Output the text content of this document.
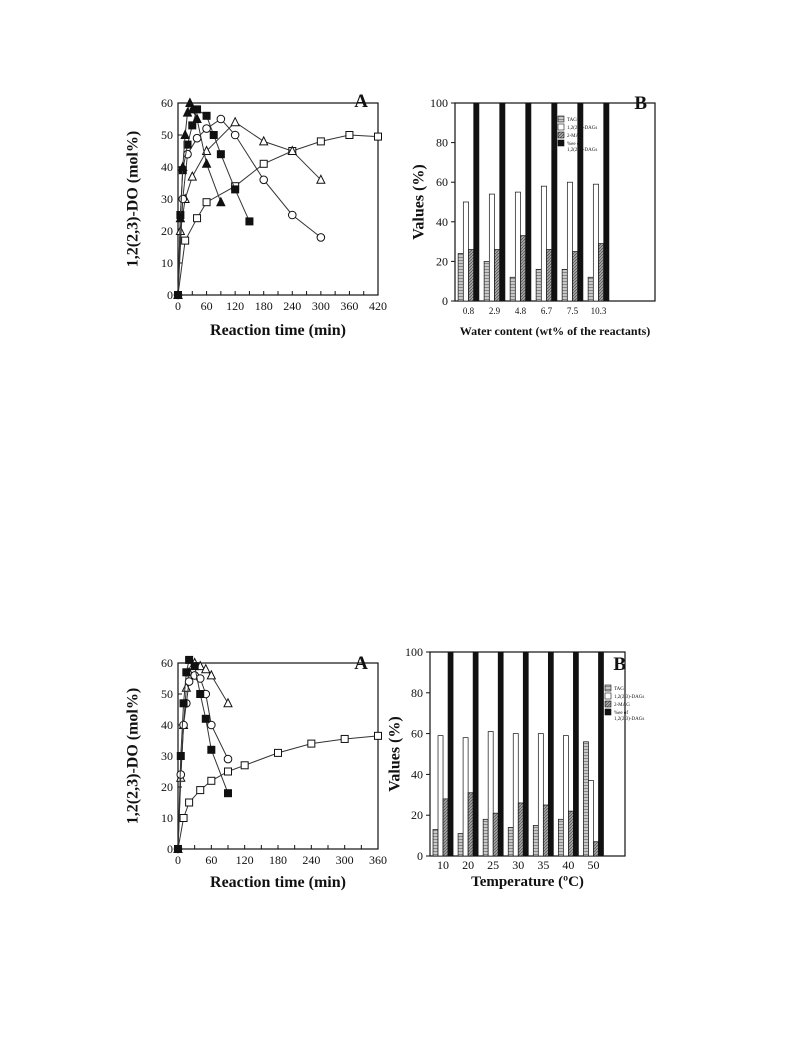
0 60 120 180 240 300 360 420
0
10
20
30
40
50
60
Reaction time (min)
1,2(2,3)-DO (mol%)
A
0
20
40
60
80
100
0.8 2.9 4.8 6.7 7.5 10.3
Water content (wt% of the reactants)
Values (%)
B
TAG
1,2(2,3)-DAGs
2-MAG
%ee of
1,2(2,3)-DAGs
0 60 120 180 240 300 360
0
10
20
30
40
50
60
Reaction time (min)
1,2(2,3)-DO (mol%)
A
0
20
40
60
80
100
10 20 25 30 35 40 50
Temperature (ºC)
Values (%)
B
TAG
1,2(2,3)-DAGs
2-MAG
%ee of
1,2(2,3)-DAGs
